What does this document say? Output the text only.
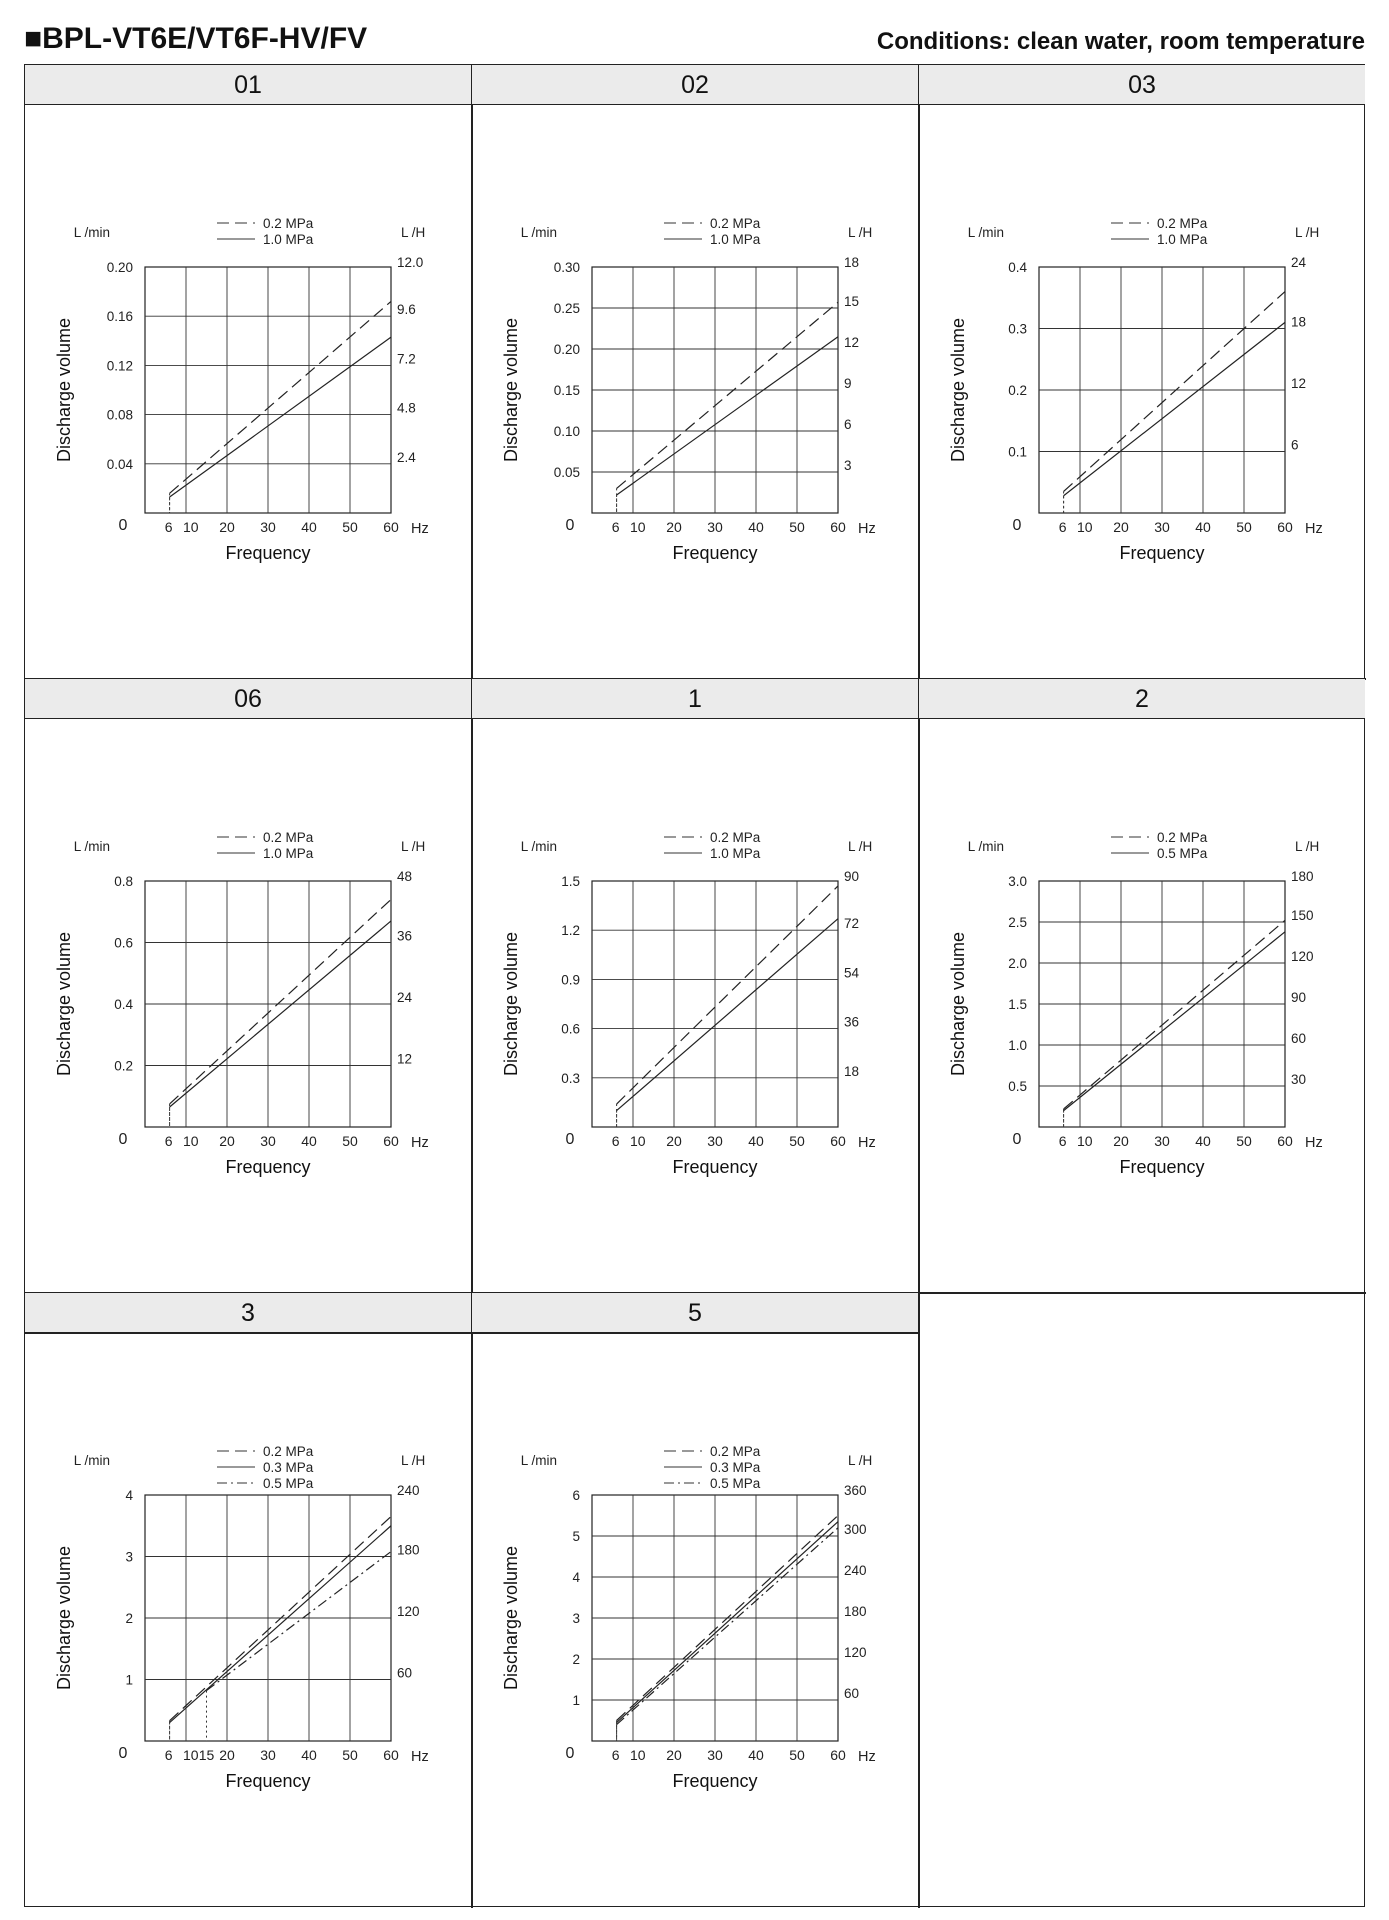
■BPL-VT6E/VT6F-HV/FV	Conditions: clean water, room temperature
01
0.04	2.4
0.08	4.8
0.12	7.2
0.16	9.6
0.20	12.0
6 10 20 30 40 50 60
0	Hz
Frequency
Discharge volume
L /min	L /H
0.2 MPa
1.0 MPa
02
0.05	3
0.10	6
0.15	9
0.20	12
0.25	15
0.30	18
6 10 20 30 40 50 60
0	Hz
Frequency
Discharge volume
L /min	L /H
0.2 MPa
1.0 MPa
03
0.1	6
0.2	12
0.3	18
0.4	24
6 10 20 30 40 50 60
0	Hz
Frequency
Discharge volume
L /min	L /H
0.2 MPa
1.0 MPa
06
0.2	12
0.4	24
0.6	36
0.8	48
6 10 20 30 40 50 60
0	Hz
Frequency
Discharge volume
L /min	L /H
0.2 MPa
1.0 MPa
1
0.3	18
0.6	36
0.9	54
1.2	72
1.5	90
6 10 20 30 40 50 60
0	Hz
Frequency
Discharge volume
L /min	L /H
0.2 MPa
1.0 MPa
2
0.5	30
1.0	60
1.5	90
2.0	120
2.5	150
3.0	180
6 10 20 30 40 50 60
0	Hz
Frequency
Discharge volume
L /min	L /H
0.2 MPa
0.5 MPa
3
1	60
2	120
3	180
4	240
6 10 15 20 30 40 50 60
0	Hz
Frequency
Discharge volume
L /min	L /H
0.2 MPa
0.3 MPa
0.5 MPa
5
1	60
2	120
3	180
4	240
5	300
6	360
6 10 20 30 40 50 60
0	Hz
Frequency
Discharge volume
L /min	L /H
0.2 MPa
0.3 MPa
0.5 MPa
